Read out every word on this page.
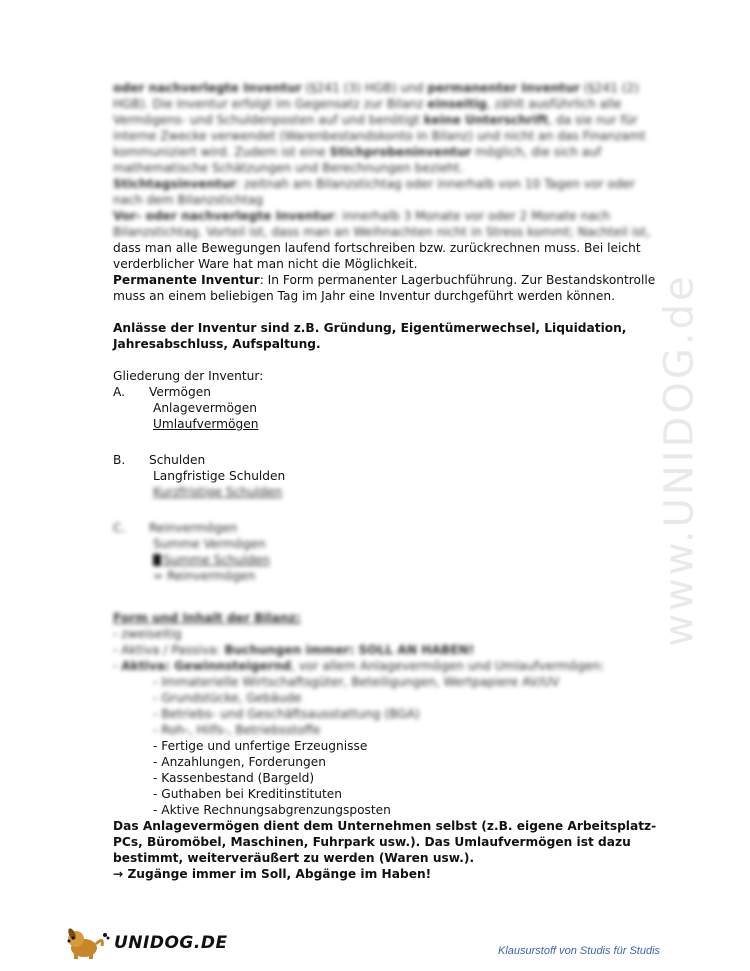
www.UNIDOG.de
oder nachverlegte Inventur (§241 (3) HGB) und permanenter Inventur (§241 (2)
HGB). Die Inventur erfolgt im Gegensatz zur Bilanz einseitig, zählt ausführlich alle
Vermögens- und Schuldenposten auf und benötigt keine Unterschrift, da sie nur für
interne Zwecke verwendet (Warenbestandskonto in Bilanz) und nicht an das Finanzamt
kommuniziert wird. Zudem ist eine Stichprobeninventur möglich, die sich auf
mathematische Schätzungen und Berechnungen bezieht.
Stichtagsinventur: zeitnah am Bilanzstichtag oder innerhalb von 10 Tagen vor oder
nach dem Bilanzstichtag
Vor- oder nachverlegte Inventur: innerhalb 3 Monate vor oder 2 Monate nach
Bilanzstichtag. Vorteil ist, dass man an Weihnachten nicht in Stress kommt; Nachteil ist,
dass man alle Bewegungen laufend fortschreiben bzw. zurückrechnen muss. Bei leicht
verderblicher Ware hat man nicht die Möglichkeit.
Permanente Inventur: In Form permanenter Lagerbuchführung. Zur Bestandskontrolle
muss an einem beliebigen Tag im Jahr eine Inventur durchgeführt werden können.
Anlässe der Inventur sind z.B. Gründung, Eigentümerwechsel, Liquidation,
Jahresabschluss, Aufspaltung.
Gliederung der Inventur:
A. Vermögen
Anlagevermögen
Umlaufvermögen
B. Schulden
Langfristige Schulden
Kurzfristige Schulden
C. Reinvermögen
Summe Vermögen
Summe Schulden
= Reinvermögen
Form und Inhalt der Bilanz:
- zweiseitig
- Aktiva / Passiva: Buchungen immer: SOLL AN HABEN!
- Aktiva: Gewinnsteigernd, vor allem Anlagevermögen und Umlaufvermögen:
- Immaterielle Wirtschaftsgüter, Beteiligungen, Wertpapiere AV/UV
- Grundstücke, Gebäude
- Betriebs- und Geschäftsausstattung (BGA)
- Roh-, Hilfs-, Betriebsstoffe
- Fertige und unfertige Erzeugnisse
- Anzahlungen, Forderungen
- Kassenbestand (Bargeld)
- Guthaben bei Kreditinstituten
- Aktive Rechnungsabgrenzungsposten
Das Anlagevermögen dient dem Unternehmen selbst (z.B. eigene Arbeitsplatz-
PCs, Büromöbel, Maschinen, Fuhrpark usw.). Das Umlaufvermögen ist dazu
bestimmt, weiterveräußert zu werden (Waren usw.).
→ Zugänge immer im Soll, Abgänge im Haben!
UNIDOG.DE	Klausurstoff von Studis für Studis
